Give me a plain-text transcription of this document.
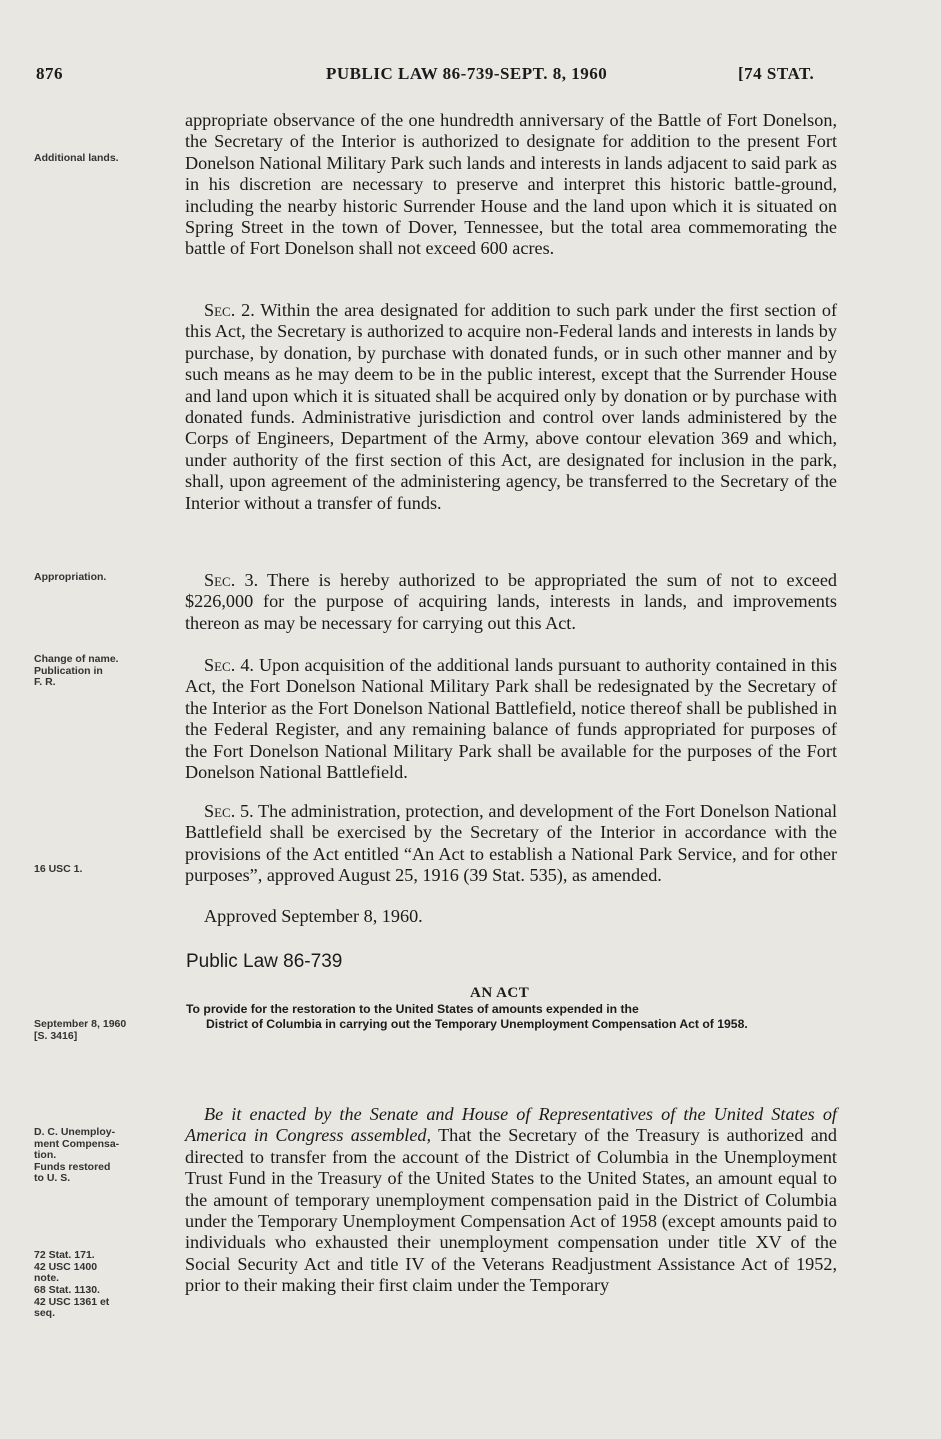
876	PUBLIC LAW 86-739-SEPT. 8, 1960	[74 STAT.
Additional lands.
Appropriation.
Change of name.
Publication in
F. R.
16 USC 1.
September 8, 1960
[S. 3416]
D. C. Unemploy-
ment Compensa-
tion.
Funds restored
to U. S.
72 Stat. 171.
42 USC 1400
note.
68 Stat. 1130.
42 USC 1361 et
seq.

appropriate observance of the one hundredth anniversary of the Battle of Fort Donelson, the Secretary of the Interior is authorized to designate for addition to the present Fort Donelson National Military Park such lands and interests in lands adjacent to said park as in his discretion are necessary to preserve and interpret this historic battle-ground, including the nearby historic Surrender House and the land upon which it is situated on Spring Street in the town of Dover, Tennessee, but the total area commemorating the battle of Fort Donelson shall not exceed 600 acres.

Sec. 2. Within the area designated for addition to such park under the first section of this Act, the Secretary is authorized to acquire non-Federal lands and interests in lands by purchase, by donation, by purchase with donated funds, or in such other manner and by such means as he may deem to be in the public interest, except that the Surrender House and land upon which it is situated shall be acquired only by donation or by purchase with donated funds. Administrative jurisdiction and control over lands administered by the Corps of Engineers, Department of the Army, above contour elevation 369 and which, under authority of the first section of this Act, are designated for inclusion in the park, shall, upon agreement of the administering agency, be transferred to the Secretary of the Interior without a transfer of funds.

Sec. 3. There is hereby authorized to be appropriated the sum of not to exceed $226,000 for the purpose of acquiring lands, interests in lands, and improvements thereon as may be necessary for carrying out this Act.

Sec. 4. Upon acquisition of the additional lands pursuant to authority contained in this Act, the Fort Donelson National Military Park shall be redesignated by the Secretary of the Interior as the Fort Donelson National Battlefield, notice thereof shall be published in the Federal Register, and any remaining balance of funds appropriated for purposes of the Fort Donelson National Military Park shall be available for the purposes of the Fort Donelson National Battlefield.

Sec. 5. The administration, protection, and development of the Fort Donelson National Battlefield shall be exercised by the Secretary of the Interior in accordance with the provisions of the Act entitled “An Act to establish a National Park Service, and for other purposes”, approved August 25, 1916 (39 Stat. 535), as amended.

Approved September 8, 1960.

Public Law 86-739
AN ACT
To provide for the restoration to the United States of amounts expended in the
District of Columbia in carrying out the Temporary Unemployment Compensation Act of 1958.

Be it enacted by the Senate and House of Representatives of the United States of America in Congress assembled, That the Secretary of the Treasury is authorized and directed to transfer from the account of the District of Columbia in the Unemployment Trust Fund in the Treasury of the United States to the United States, an amount equal to the amount of temporary unemployment compensation paid in the District of Columbia under the Temporary Unemployment Compensation Act of 1958 (except amounts paid to individuals who exhausted their unemployment compensation under title XV of the Social Security Act and title IV of the Veterans Readjustment Assistance Act of 1952, prior to their making their first claim under the Temporary
